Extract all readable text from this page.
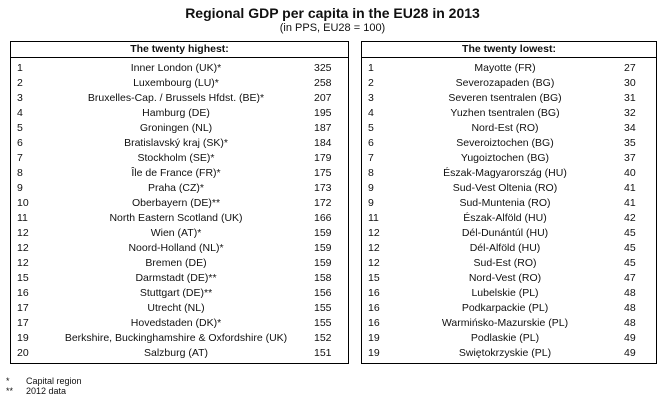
Regional GDP per capita in the EU28 in 2013
(in PPS, EU28 = 100)
The twenty highest:
1	Inner London (UK)*	325
2	Luxembourg (LU)*	258
3	Bruxelles-Cap. / Brussels Hfdst. (BE)*	207
4	Hamburg (DE)	195
5	Groningen (NL)	187
6	Bratislavský kraj (SK)*	184
7	Stockholm (SE)*	179
8	Île de France (FR)*	175
9	Praha (CZ)*	173
10	Oberbayern (DE)**	172
11	North Eastern Scotland (UK)	166
12	Wien (AT)*	159
12	Noord-Holland (NL)*	159
12	Bremen (DE)	159
15	Darmstadt (DE)**	158
16	Stuttgart (DE)**	156
17	Utrecht (NL)	155
17	Hovedstaden (DK)*	155
19	Berkshire, Buckinghamshire & Oxfordshire (UK)	152
20	Salzburg (AT)	151
The twenty lowest:
1	Mayotte (FR)	27
2	Severozapaden (BG)	30
3	Severen tsentralen (BG)	31
4	Yuzhen tsentralen (BG)	32
5	Nord-Est (RO)	34
6	Severoiztochen (BG)	35
7	Yugoiztochen (BG)	37
8	Észak-Magyarország (HU)	40
9	Sud-Vest Oltenia (RO)	41
9	Sud-Muntenia (RO)	41
11	Észak-Alföld (HU)	42
12	Dél-Dunántúl (HU)	45
12	Dél-Alföld (HU)	45
12	Sud-Est (RO)	45
15	Nord-Vest (RO)	47
16	Lubelskie (PL)	48
16	Podkarpackie (PL)	48
16	Warmińsko-Mazurskie (PL)	48
19	Podlaskie (PL)	49
19	Swiętokrzyskie (PL)	49
* Capital region
** 2012 data
